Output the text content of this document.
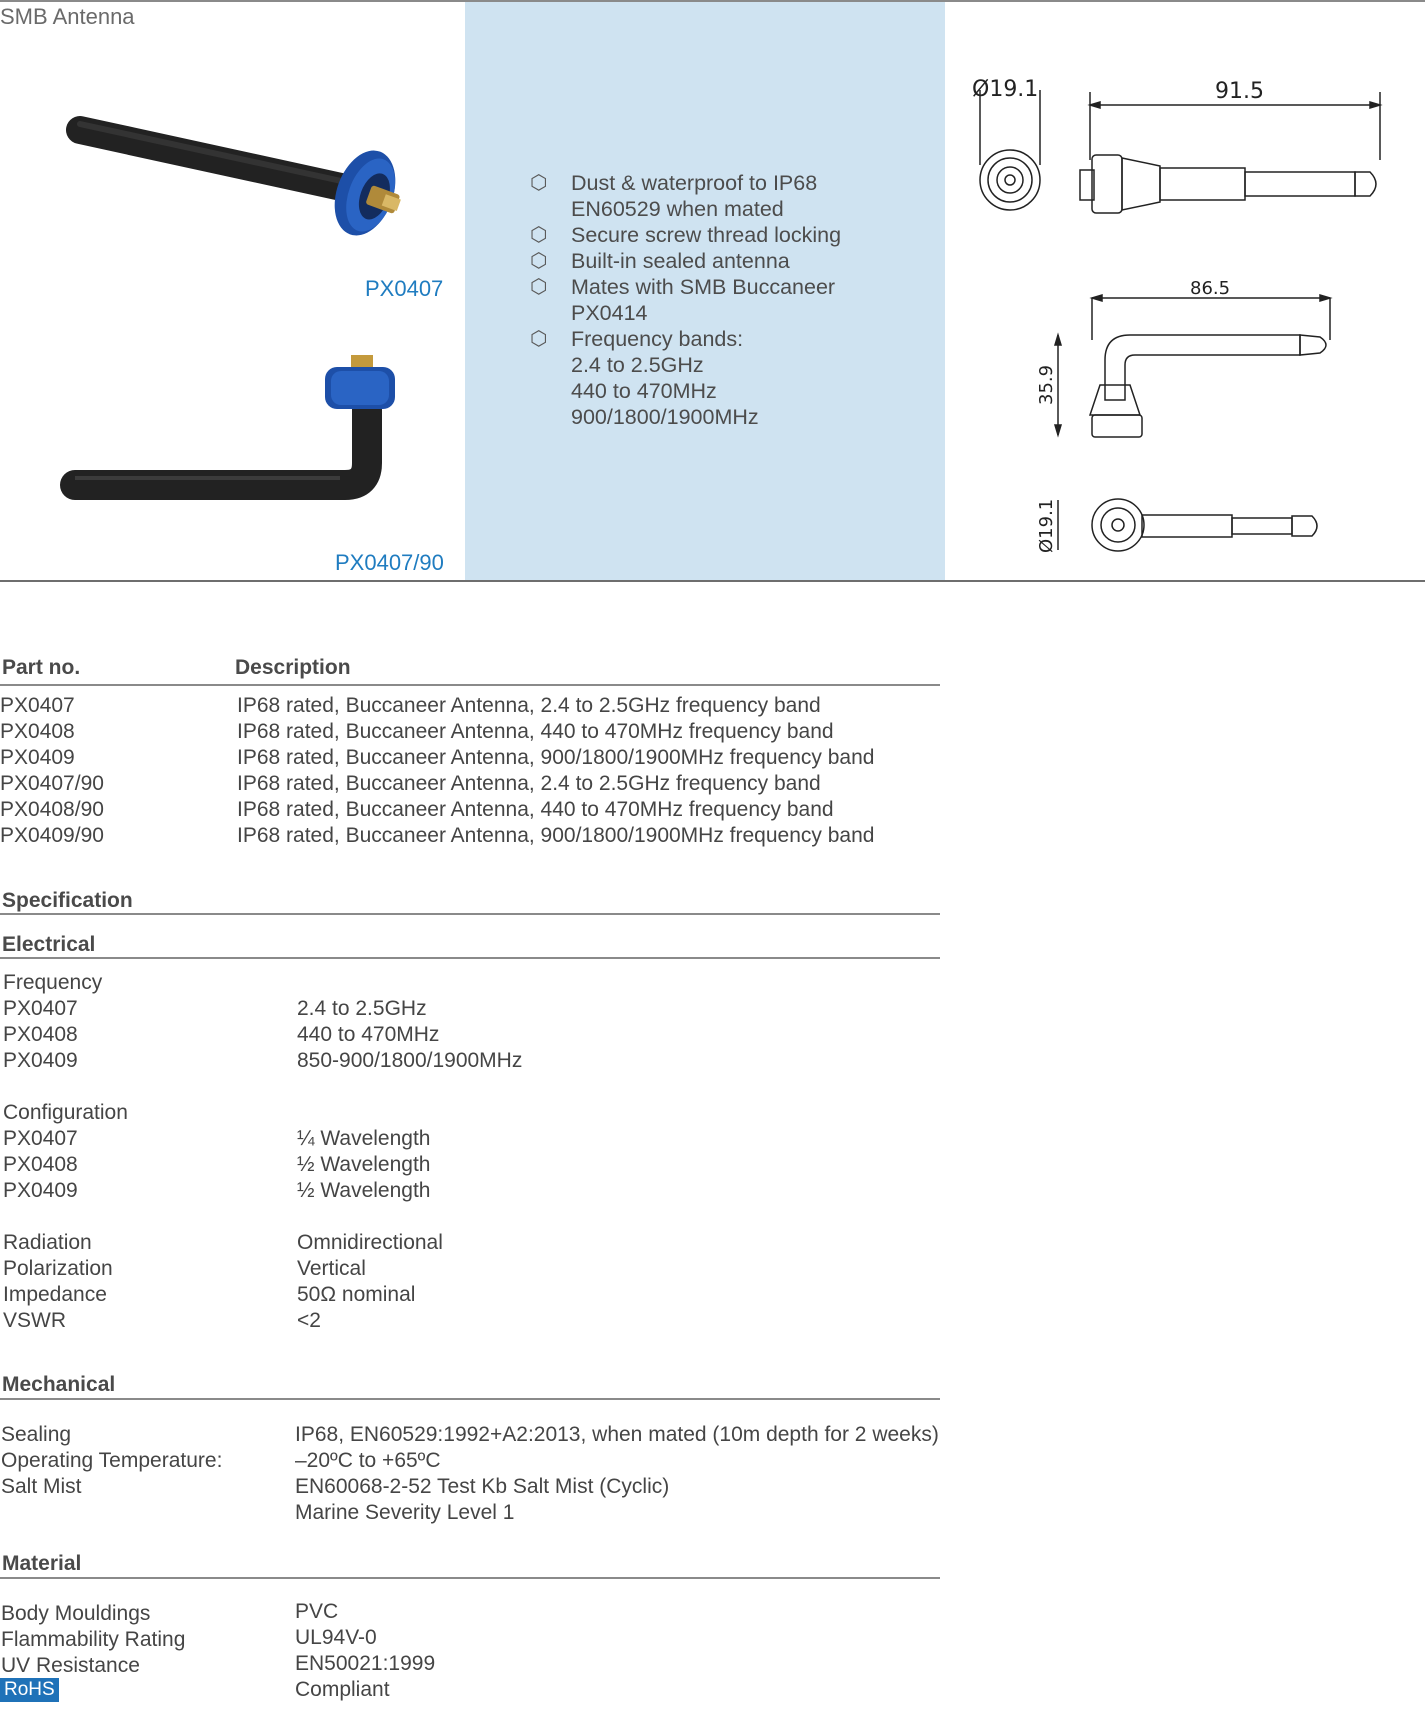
SMB Antenna
PX0407
PX0407/90
⬡ Dust & waterproof to IP68
EN60529 when mated
⬡ Secure screw thread locking
⬡ Built-in sealed antenna
⬡ Mates with SMB Buccaneer
PX0414
⬡ Frequency bands:
2.4 to 2.5GHz
440 to 470MHz
900/1800/1900MHz
Ø19.1	91.5
86.5
35.9
Ø19.1
Part no.	Description
PX0407	IP68 rated, Buccaneer Antenna, 2.4 to 2.5GHz frequency band
PX0408	IP68 rated, Buccaneer Antenna, 440 to 470MHz frequency band
PX0409	IP68 rated, Buccaneer Antenna, 900/1800/1900MHz frequency band
PX0407/90	IP68 rated, Buccaneer Antenna, 2.4 to 2.5GHz frequency band
PX0408/90	IP68 rated, Buccaneer Antenna, 440 to 470MHz frequency band
PX0409/90	IP68 rated, Buccaneer Antenna, 900/1800/1900MHz frequency band
Specification
Electrical
Frequency
PX0407	2.4 to 2.5GHz
PX0408	440 to 470MHz
PX0409	850-900/1800/1900MHz
Configuration
PX0407	¼ Wavelength
PX0408	½ Wavelength
PX0409	½ Wavelength
Radiation	Omnidirectional
Polarization	Vertical
Impedance	50Ω nominal
VSWR	<2
Mechanical
Sealing	IP68, EN60529:1992+A2:2013, when mated (10m depth for 2 weeks)
Operating Temperature:	–20ºC to +65ºC
Salt Mist	EN60068-2-52 Test Kb Salt Mist (Cyclic)
Marine Severity Level 1
Material
Body Mouldings	PVC
Flammability Rating	UL94V-0
UV Resistance	EN50021:1999
RoHS	Compliant
